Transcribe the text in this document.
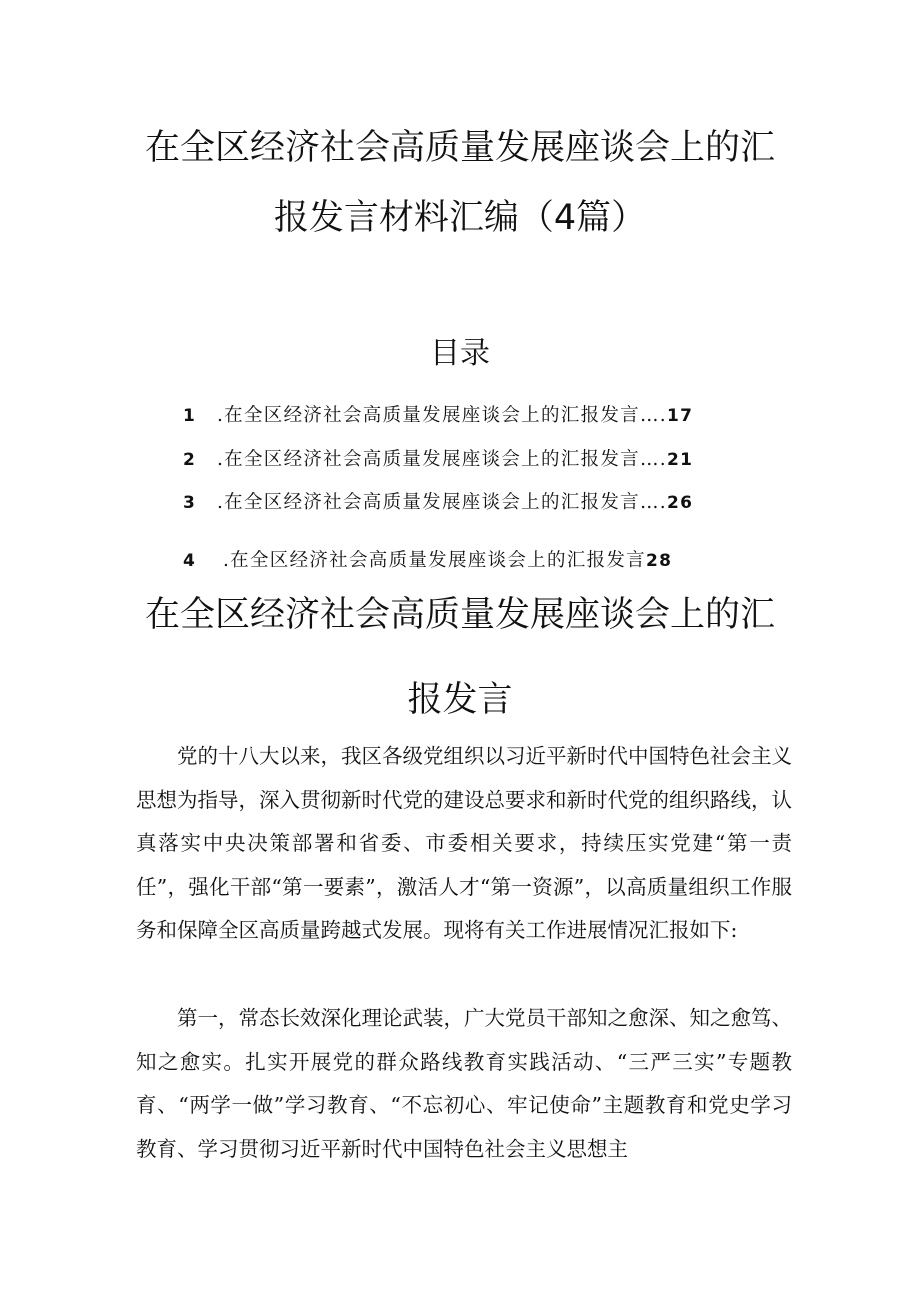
在全区经济社会高质量发展座谈会上的汇
报发言材料汇编（4篇）
目录
1 .在全区经济社会高质量发展座谈会上的汇报发言….17
2 .在全区经济社会高质量发展座谈会上的汇报发言….21
3 .在全区经济社会高质量发展座谈会上的汇报发言….26
4 .在全区经济社会高质量发展座谈会上的汇报发言28
在全区经济社会高质量发展座谈会上的汇
报发言

党的十八大以来，我区各级党组织以习近平新时代中国特色社会主义思想为指导，深入贯彻新时代党的建设总要求和新时代党的组织路线，认真落实中央决策部署和省委、市委相关要求，持续压实党建“第一责任”，强化干部“第一要素”，激活人才“第一资源”，以高质量组织工作服务和保障全区高质量跨越式发展。现将有关工作进展情况汇报如下:

第一，常态长效深化理论武装，广大党员干部知之愈深、知之愈笃、知之愈实。扎实开展党的群众路线教育实践活动、“三严三实”专题教育、“两学一做”学习教育、“不忘初心、牢记使命”主题教育和党史学习教育、学习贯彻习近平新时代中国特色社会主义思想主
